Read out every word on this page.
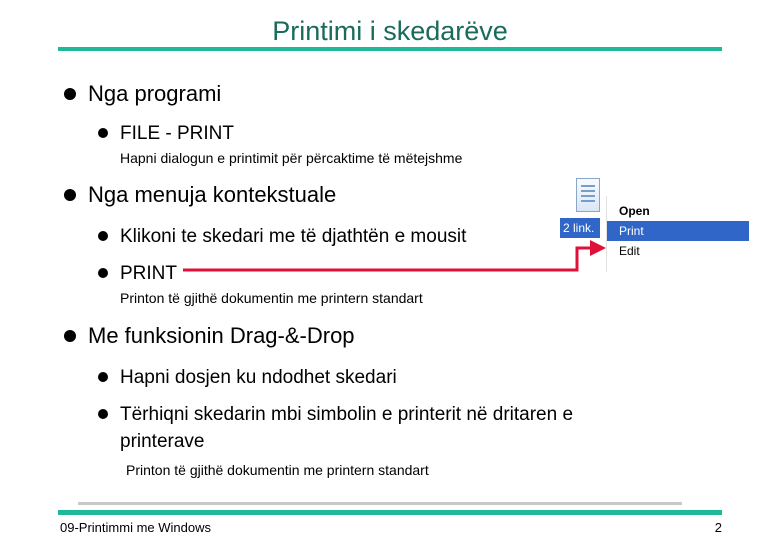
Printimi i skedarëve
Nga programi
FILE - PRINT
Hapni dialogun e printimit për përcaktime të mëtejshme
Nga menuja kontekstuale
Klikoni te skedari me të djathtën e mousit
PRINT
Printon të gjithë dokumentin me printern standart
Me funksionin Drag-&-Drop
Hapni dosjen ku ndodhet skedari
Tërhiqni skedarin mbi simbolin e printerit në dritaren e
printerave
Printon të gjithë dokumentin me printern standart
2 link.
Open
Print
Edit
09-Printimmi me Windows	2
